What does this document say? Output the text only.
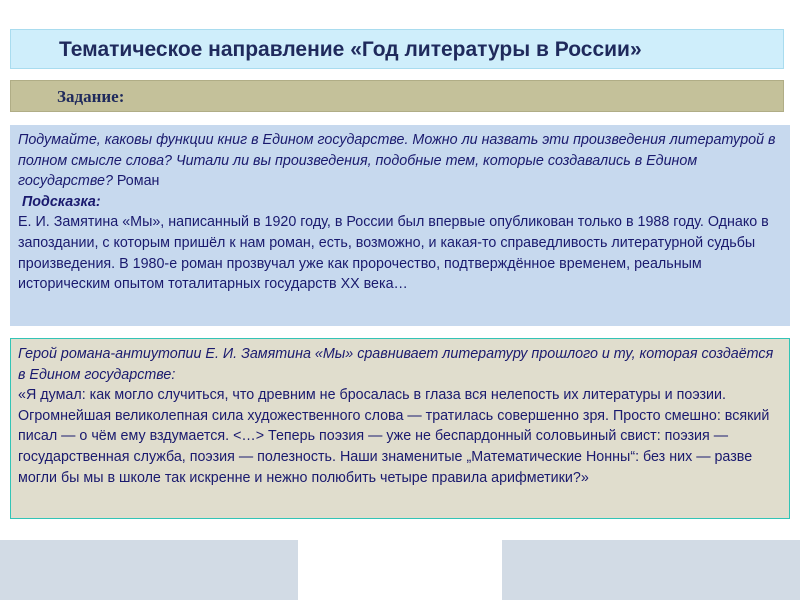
Тематическое направление «Год литературы в России»
Задание:

Подумайте, каковы функции книг в Едином государстве. Можно ли назвать эти произведения литературой в полном смысле слова? Читали ли вы произведения, подобные тем, которые создавались в Едином государстве? Роман

Подсказка:

Е. И. Замятина «Мы», написанный в 1920 году, в России был впервые опубликован только в 1988 году. Однако в запоздании, с которым пришёл к нам роман, есть, возможно, и какая-то справедливость литературной судьбы произведения. В 1980-е роман прозвучал уже как пророчество, подтверждённое временем, реальным историческим опытом тоталитарных государств XX века…

Герой романа-антиутопии Е. И. Замятина «Мы» сравнивает литературу прошлого и ту, которая создаётся в Едином государстве:

«Я думал: как могло случиться, что древним не бросалась в глаза вся нелепость их литературы и поэзии. Огромнейшая великолепная сила художественного слова — тратилась совершенно зря. Просто смешно: всякий писал — о чём ему вздумается. <…> Теперь поэзия — уже не беспардонный соловьиный свист: поэзия — государственная служба, поэзия — полезность. Наши знаменитые „Математические Нонны“: без них — разве могли бы мы в школе так искренне и нежно полюбить четыре правила арифметики?»
